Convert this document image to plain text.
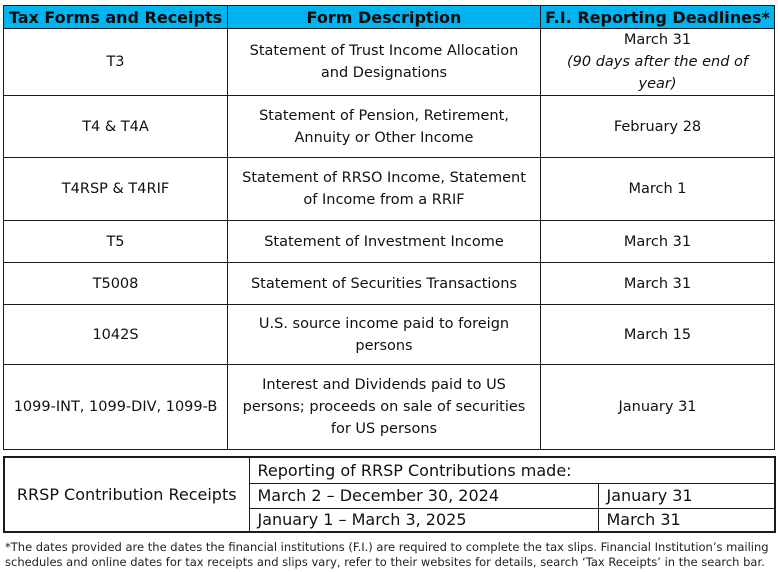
Tax Forms and Receipts	Form Description	F.I. Reporting Deadlines*
T3	Statement of Trust Income Allocation and Designations	March 31
(90 days after the end of year)

T4 & T4A	Statement of Pension, Retirement, Annuity or Other Income	February 28
T4RSP & T4RIF	Statement of RRSO Income, Statement of Income from a RRIF	March 1
T5	Statement of Investment Income	March 31
T5008	Statement of Securities Transactions	March 31
1042S	U.S. source income paid to foreign persons	March 15
1099-INT, 1099-DIV, 1099-B	Interest and Dividends paid to US persons; proceeds on sale of securities for US persons	January 31
RRSP Contribution Receipts	Reporting of RRSP Contributions made:	
	March 2 – December 30, 2024	January 31
	January 1 – March 3, 2025	March 31
*The dates provided are the dates the financial institutions (F.I.) are required to complete the tax slips. Financial Institution’s mailing schedules and online dates for tax receipts and slips vary, refer to their websites for details, search ‘Tax Receipts’ in the search bar.
